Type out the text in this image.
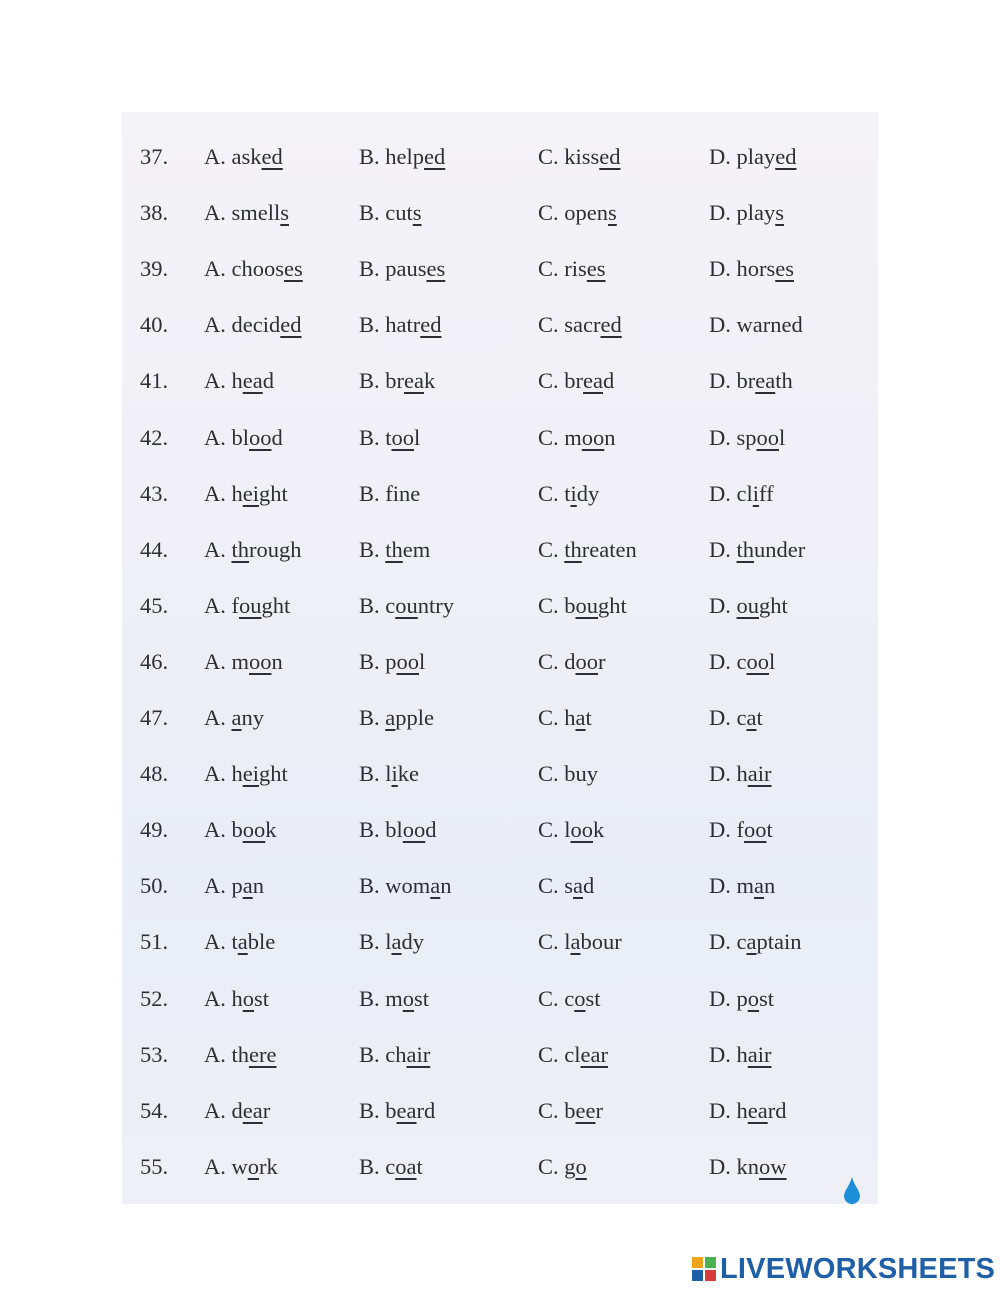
37. A. asked	B. helped	C. kissed	D. played
38. A. smells	B. cuts	C. opens	D. plays
39. A. chooses	B. pauses	C. rises	D. horses
40. A. decided	B. hatred	C. sacred	D. warned
41. A. head	B. break	C. bread	D. breath
42. A. blood	B. tool	C. moon	D. spool
43. A. height	B. fine	C. tidy	D. cliff
44. A. through	B. them	C. threaten	D. thunder
45. A. fought	B. country	C. bought	D. ought
46. A. moon	B. pool	C. door	D. cool
47. A. any	B. apple	C. hat	D. cat
48. A. height	B. like	C. buy	D. hair
49. A. book	B. blood	C. look	D. foot
50. A. pan	B. woman	C. sad	D. man
51. A. table	B. lady	C. labour	D. captain
52. A. host	B. most	C. cost	D. post
53. A. there	B. chair	C. clear	D. hair
54. A. dear	B. beard	C. beer	D. heard
55. A. work	B. coat	C. go	D. know
LIVEWORKSHEETS
